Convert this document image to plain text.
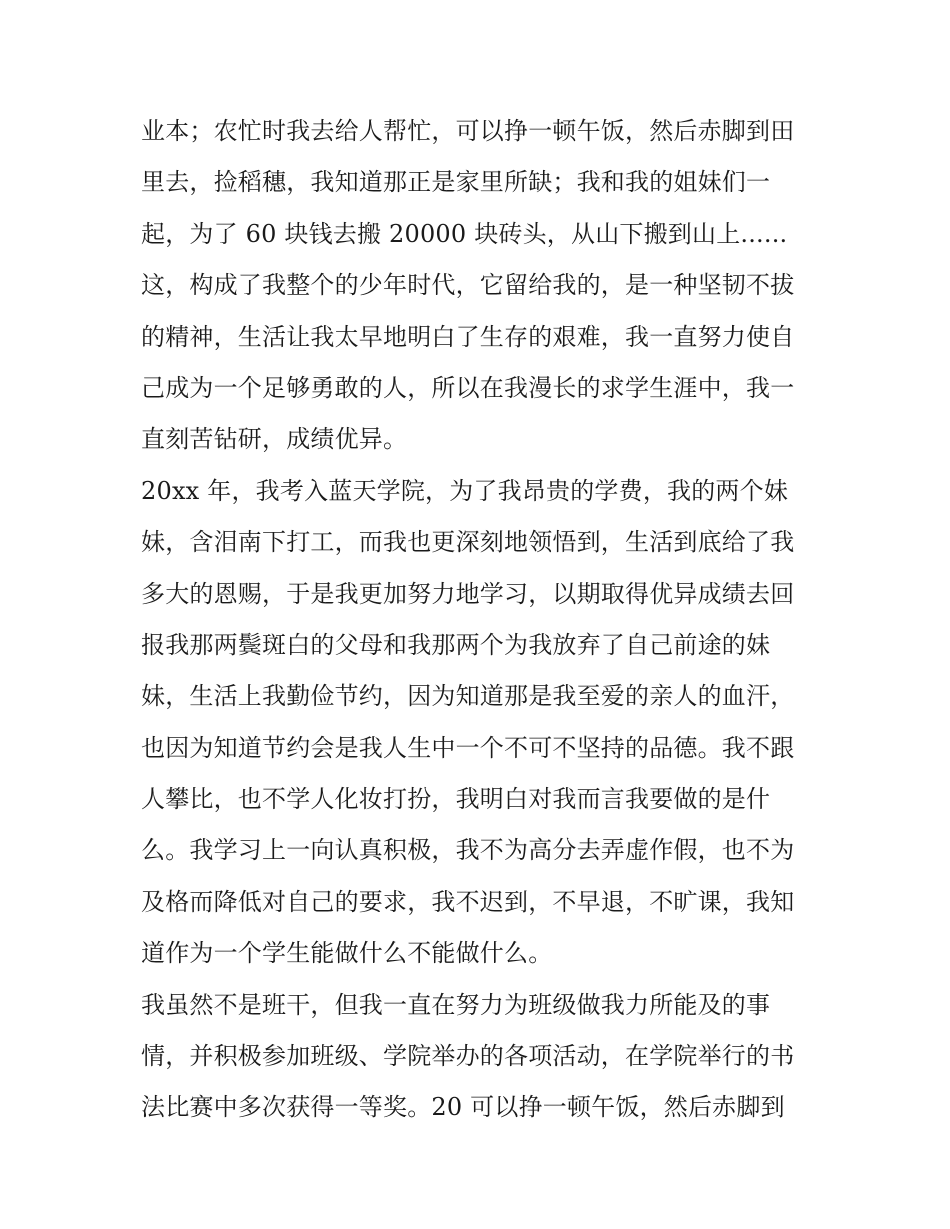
业本；农忙时我去给人帮忙，可以挣一顿午饭，然后赤脚到田
里去，捡稻穗，我知道那正是家里所缺；我和我的姐妹们一
起，为了 60 块钱去搬 20000 块砖头，从山下搬到山上......
这，构成了我整个的少年时代，它留给我的，是一种坚韧不拔
的精神，生活让我太早地明白了生存的艰难，我一直努力使自
己成为一个足够勇敢的人，所以在我漫长的求学生涯中，我一
直刻苦钻研，成绩优异。
20xx 年，我考入蓝天学院，为了我昂贵的学费，我的两个妹
妹，含泪南下打工，而我也更深刻地领悟到，生活到底给了我
多大的恩赐，于是我更加努力地学习，以期取得优异成绩去回
报我那两鬓斑白的父母和我那两个为我放弃了自己前途的妹
妹，生活上我勤俭节约，因为知道那是我至爱的亲人的血汗，
也因为知道节约会是我人生中一个不可不坚持的品德。我不跟
人攀比，也不学人化妆打扮，我明白对我而言我要做的是什
么。我学习上一向认真积极，我不为高分去弄虚作假，也不为
及格而降低对自己的要求，我不迟到，不早退，不旷课，我知
道作为一个学生能做什么不能做什么。
我虽然不是班干，但我一直在努力为班级做我力所能及的事
情，并积极参加班级、学院举办的各项活动，在学院举行的书
法比赛中多次获得一等奖。20 可以挣一顿午饭，然后赤脚到
